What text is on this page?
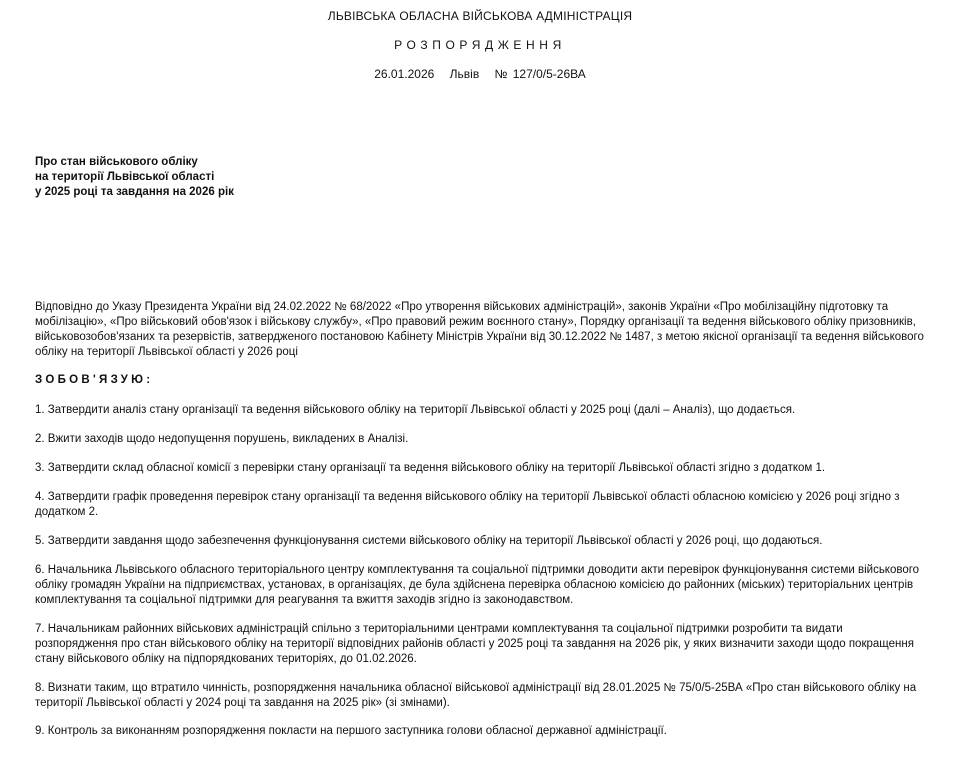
ЛЬВІВСЬКА ОБЛАСНА ВІЙСЬКОВА АДМІНІСТРАЦІЯ
РОЗПОРЯДЖЕННЯ
26.01.2026 Львів № 127/0/5-26ВА
Про стан військового обліку
на території Львівської області
у 2025 році та завдання на 2026 рік
Відповідно до Указу Президента України від 24.02.2022 № 68/2022 «Про утворення військових адміністрацій», законів України «Про мобілізаційну підготовку та мобілізацію», «Про військовий обов'язок і військову службу», «Про правовий режим воєнного стану», Порядку організації та ведення військового обліку призовників, військовозобов'язаних та резервістів, затвердженого постановою Кабінету Міністрів України від 30.12.2022 № 1487, з метою якісної організації та ведення військового обліку на території Львівської області у 2026 році
ЗОБОВ'ЯЗУЮ:
1. Затвердити аналіз стану організації та ведення військового обліку на території Львівської області у 2025 році (далі – Аналіз), що додається.
2. Вжити заходів щодо недопущення порушень, викладених в Аналізі.
3. Затвердити склад обласної комісії з перевірки стану організації та ведення військового обліку на території Львівської області згідно з додатком 1.
4. Затвердити графік проведення перевірок стану організації та ведення військового обліку на території Львівської області обласною комісією у 2026 році згідно з додатком 2.
5. Затвердити завдання щодо забезпечення функціонування системи військового обліку на території Львівської області у 2026 році, що додаються.
6. Начальника Львівського обласного територіального центру комплектування та соціальної підтримки доводити акти перевірок функціонування системи військового обліку громадян України на підприємствах, установах, в організаціях, де була здійснена перевірка обласною комісією до районних (міських) територіальних центрів комплектування та соціальної підтримки для реагування та вжиття заходів згідно із законодавством.
7. Начальникам районних військових адміністрацій спільно з територіальними центрами комплектування та соціальної підтримки розробити та видати розпорядження про стан військового обліку на території відповідних районів області у 2025 році та завдання на 2026 рік, у яких визначити заходи щодо покращення стану військового обліку на підпорядкованих територіях, до 01.02.2026.
8. Визнати таким, що втратило чинність, розпорядження начальника обласної військової адміністрації від 28.01.2025 № 75/0/5-25ВА «Про стан військового обліку на території Львівської області у 2024 році та завдання на 2025 рік» (зі змінами).
9. Контроль за виконанням розпорядження покласти на першого заступника голови обласної державної адміністрації.
